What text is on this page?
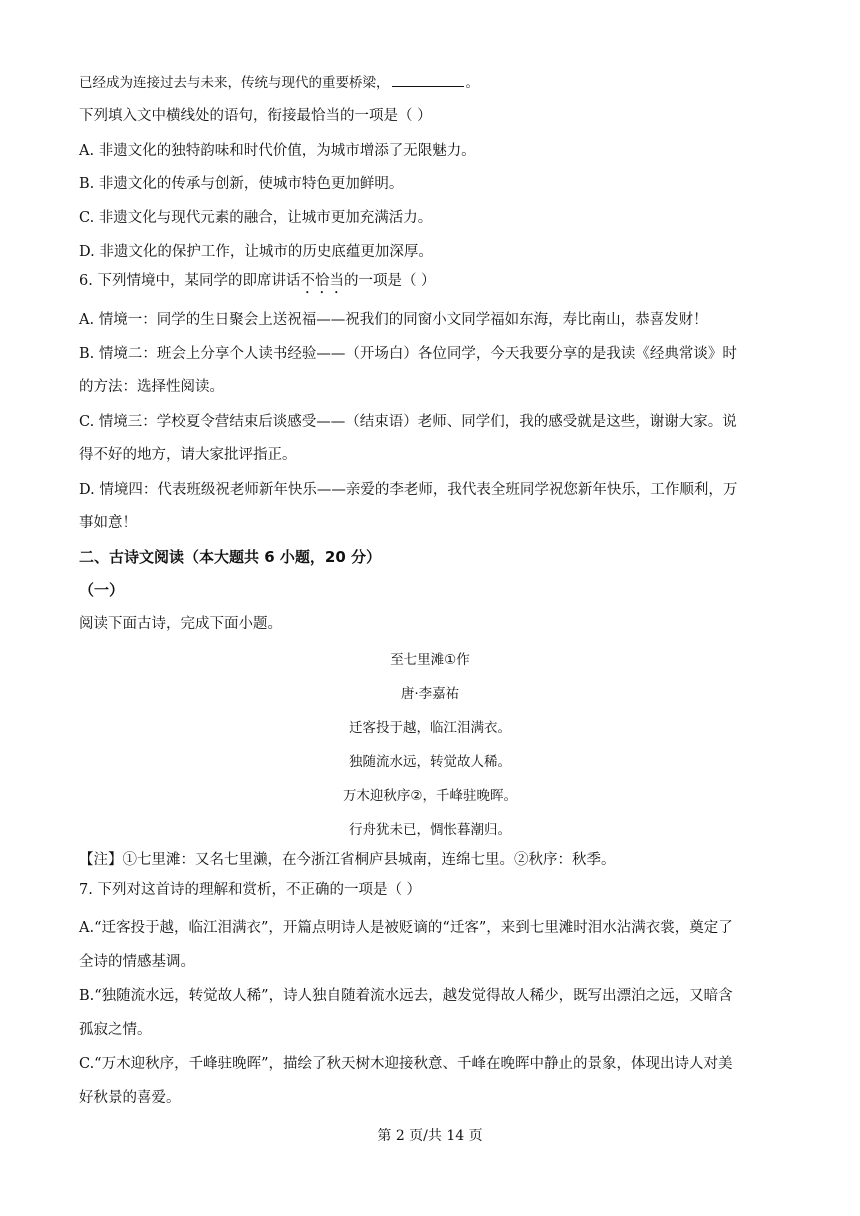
已经成为连接过去与未来，传统与现代的重要桥梁，	。
下列填入文中横线处的语句，衔接最恰当的一项是（ ）
A. 非遗文化的独特韵味和时代价值，为城市增添了无限魅力。
B. 非遗文化的传承与创新，使城市特色更加鲜明。
C. 非遗文化与现代元素的融合，让城市更加充满活力。
D. 非遗文化的保护工作，让城市的历史底蕴更加深厚。
6. 下列情境中，某同学的即席讲话不恰当的一项是（ ）
A. 情境一：同学的生日聚会上送祝福——祝我们的同窗小文同学福如东海，寿比南山，恭喜发财！
B. 情境二：班会上分享个人读书经验——（开场白）各位同学，今天我要分享的是我读《经典常谈》时
的方法：选择性阅读。
C. 情境三：学校夏令营结束后谈感受——（结束语）老师、同学们，我的感受就是这些，谢谢大家。说
得不好的地方，请大家批评指正。
D. 情境四：代表班级祝老师新年快乐——亲爱的李老师，我代表全班同学祝您新年快乐，工作顺利，万
事如意！
二、古诗文阅读（本大题共 6 小题，20 分）
（一）
阅读下面古诗，完成下面小题。
至七里滩①作
唐·李嘉祐
迁客投于越，临江泪满衣。
独随流水远，转觉故人稀。
万木迎秋序②，千峰驻晚晖。
行舟犹未已，惆怅暮潮归。
【注】①七里滩：又名七里濑，在今浙江省桐庐县城南，连绵七里。②秋序：秋季。
7. 下列对这首诗的理解和赏析，不正确的一项是（ ）
A.“迁客投于越，临江泪满衣”，开篇点明诗人是被贬谪的“迁客”，来到七里滩时泪水沾满衣裳，奠定了
全诗的情感基调。
B.“独随流水远，转觉故人稀”，诗人独自随着流水远去，越发觉得故人稀少，既写出漂泊之远，又暗含
孤寂之情。
C.“万木迎秋序，千峰驻晚晖”，描绘了秋天树木迎接秋意、千峰在晚晖中静止的景象，体现出诗人对美
好秋景的喜爱。
第 2 页/共 14 页
